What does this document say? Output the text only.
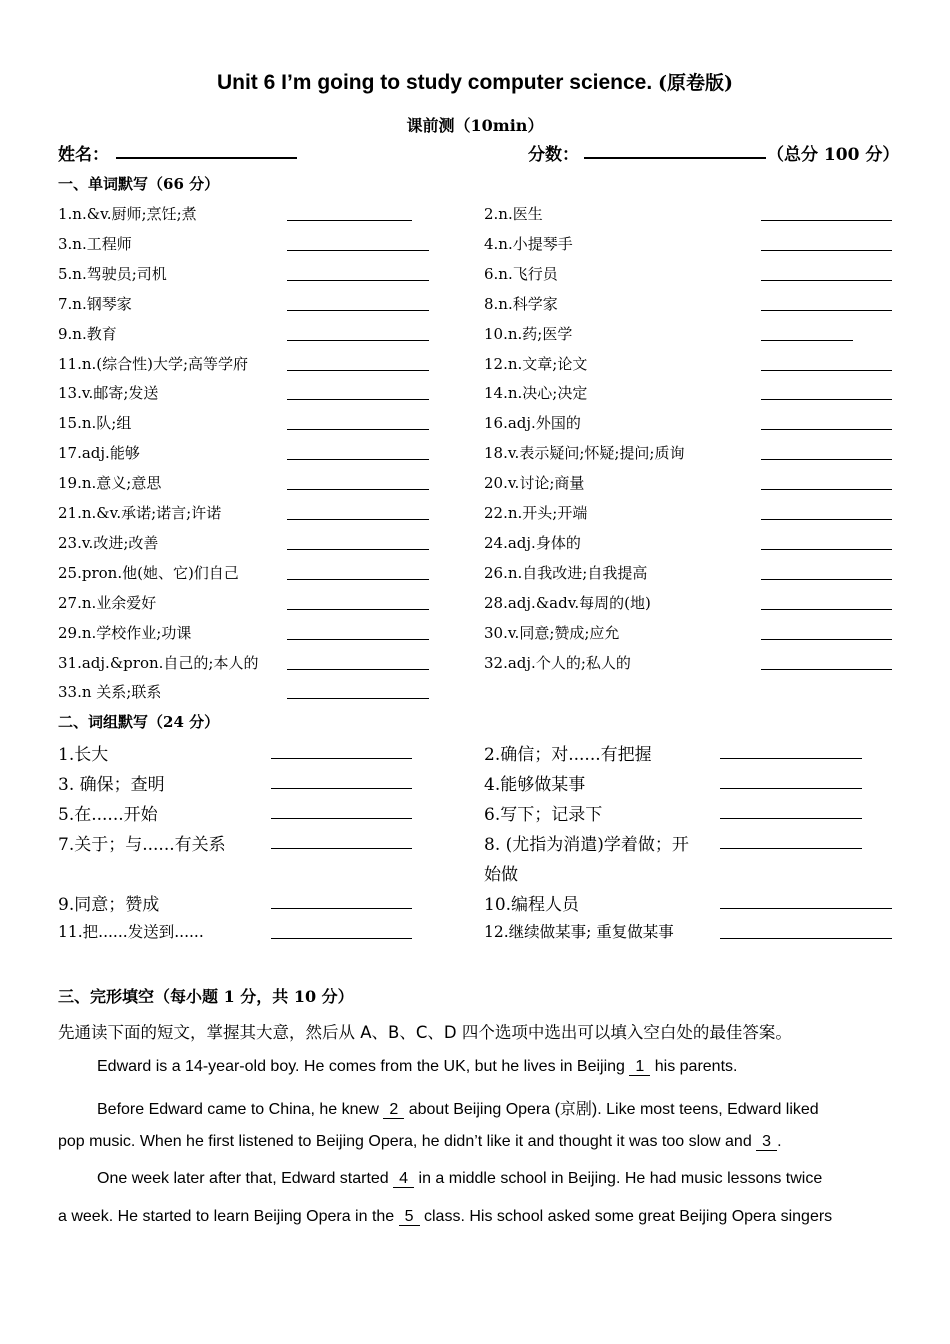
Unit 6 I’m going to study computer science. (原卷版)
课前测（10min）
姓名：	分数：	（总分 100 分）
一、单词默写（66 分）
1.n.&v.厨师;烹饪;煮
3.n.工程师
5.n.驾驶员;司机
7.n.钢琴家
9.n.教育
11.n.(综合性)大学;高等学府
13.v.邮寄;发送
15.n.队;组
17.adj.能够
19.n.意义;意思
21.n.&v.承诺;诺言;许诺
23.v.改进;改善
25.pron.他(她、它)们自己
27.n.业余爱好
29.n.学校作业;功课
31.adj.&pron.自己的;本人的
33.n 关系;联系
2.n.医生
4.n.小提琴手
6.n.飞行员
8.n.科学家
10.n.药;医学
12.n.文章;论文
14.n.决心;决定
16.adj.外国的
18.v.表示疑问;怀疑;提问;质询
20.v.讨论;商量
22.n.开头;开端
24.adj.身体的
26.n.自我改进;自我提高
28.adj.&adv.每周的(地)
30.v.同意;赞成;应允
32.adj.个人的;私人的
二、词组默写（24 分）
1.长大
3. 确保；查明
5.在......开始
7.关于；与......有关系
9.同意；赞成
11.把......发送到......
2.确信；对......有把握
4.能够做某事
6.写下；记录下
8. (尤指为消遣)学着做；开
始做
10.编程人员
12.继续做某事; 重复做某事
三、完形填空（每小题 1 分，共 10 分）
先通读下面的短文，掌握其大意，然后从 A、B、C、D 四个选项中选出可以填入空白处的最佳答案。
Edward is a 14-year-old boy. He comes from the UK, but he lives in Beijing 1 his parents.
Before Edward came to China, he knew 2 about Beijing Opera (京剧). Like most teens, Edward liked
pop music. When he first listened to Beijing Opera, he didn’t like it and thought it was too slow and 3 .
One week later after that, Edward started 4 in a middle school in Beijing. He had music lessons twice
a week. He started to learn Beijing Opera in the 5 class. His school asked some great Beijing Opera singers
